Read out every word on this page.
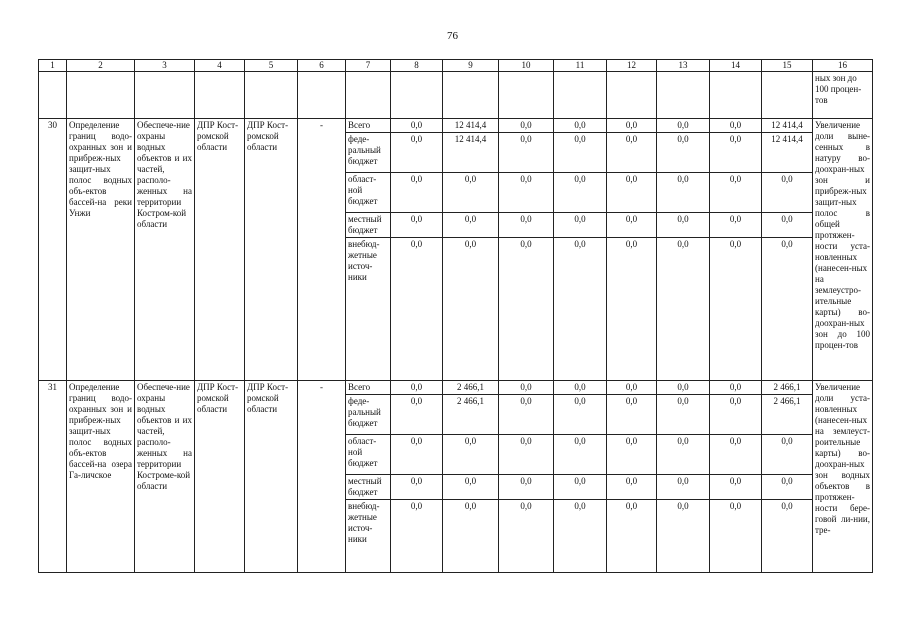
76
1	2	3	4	5	6	7	8	9	10	11	12	13	14	15	16
															ных зон до 100 процен-тов
30	Определение границ водо-охранных зон и прибреж-ных защит-ных полос водных объ-ектов бассей-на реки Унжи	Обеспече-ние охраны водных объектов и их частей, располо-женных на территории Костром-кой области	ДПР Кост-ромской области	ДПР Кост-ромской области	-	Всего	0,0	12 414,4	0,0	0,0	0,0	0,0	0,0	12 414,4	Увеличение доли выне-сенных в натуру во-доохран-ных зон и прибреж-ных защит-ных полос в общей протяжен-ности уста-новленных (нанесен-ных на землеустро-ительные карты) во-доохран-ных зон до 100 процен-тов
						феде-ральный бюджет	0,0	12 414,4	0,0	0,0	0,0	0,0	0,0	12 414,4	
						област-ной бюджет	0,0	0,0	0,0	0,0	0,0	0,0	0,0	0,0	
						местный бюджет	0,0	0,0	0,0	0,0	0,0	0,0	0,0	0,0	
						внебюд-жетные источ-ники	0,0	0,0	0,0	0,0	0,0	0,0	0,0	0,0	
31	Определение границ водо-охранных зон и прибреж-ных защит-ных полос водных объ-ектов бассей-на озера Га-личское	Обеспече-ние охраны водных объектов и их частей, располо-женных на территории Костроме-кой области	ДПР Кост-ромской области	ДПР Кост-ромской области	-	Всего	0,0	2 466,1	0,0	0,0	0,0	0,0	0,0	2 466,1	Увеличение доли уста-новленных (нанесен-ных на землеуст-роительные карты) во-доохран-ных зон водных объектов в протяжен-ности бере-говой ли-нии, тре-
						феде-ральный бюджет	0,0	2 466,1	0,0	0,0	0,0	0,0	0,0	2 466,1	
						област-ной бюджет	0,0	0,0	0,0	0,0	0,0	0,0	0,0	0,0	
						местный бюджет	0,0	0,0	0,0	0,0	0,0	0,0	0,0	0,0	
						внебюд-жетные источ-ники	0,0	0,0	0,0	0,0	0,0	0,0	0,0	0,0	
